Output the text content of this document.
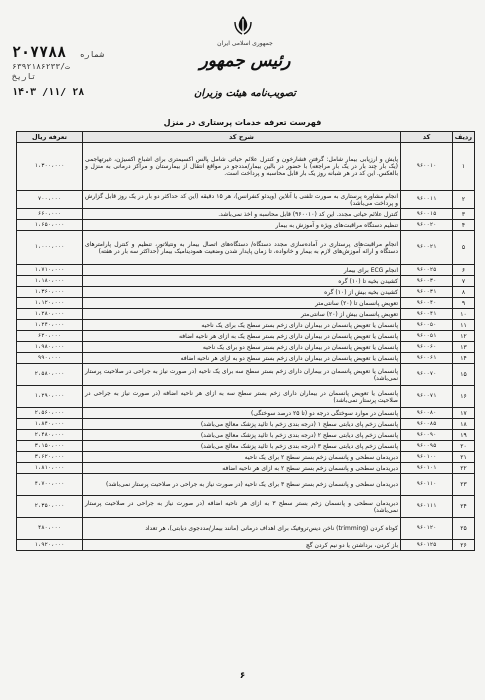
۲۰۷۷۸۸ شماره
۶۳۹۲۱ت/۸۶۲۳۳
تاریخ
۱۴۰۳ /۱۱/ ۲۸
جمهوری اسلامی ایران
رئیس جمهور
تصویب‌نامه هیئت وزیران
فهرست تعرفه خدمات پرستاری در منزل
ردیف	کد	شرح کد	تعرفه ریال
۱	۹۶۰۰۱۰	پایش و ارزیابی بیمار شامل: گرفتن فشارخون و کنترل علائم حیاتی شامل پالس اکسیمتری برای اشباع اکسیژن، غیرتهاجمی (یک بار چند بار در یک بار مراجعه) با حضور در بالین بیمار/مددجو در مواقع انتقال از بیمارستان و مراکز درمانی به منزل و بالعکس. این کد در هر شبانه روز یک بار قابل محاسبه و پرداخت است.	۱،۳۰۰،۰۰۰
۲	۹۶۰۰۱۱	انجام مشاوره پرستاری به صورت تلفنی یا آنلاین (ویدئو کنفرانس)، هر ۱۵ دقیقه (این کد حداکثر دو بار در یک روز قابل گزارش و پرداخت می‌باشد)	۷۰۰،۰۰۰
۳	۹۶۰۰۱۵	کنترل علائم حیاتی مجدد. این کد (۹۶۰۰۱۰) قابل محاسبه و اخذ نمی‌باشد.	۶۶۰،۰۰۰
۴	۹۶۰۰۲۰	تنظیم دستگاه مراقبت‌های ویژه و آموزش به بیمار	۱،۶۵۰،۰۰۰
۵	۹۶۰۰۲۱	انجام مراقبت‌های پرستاری در آماده‌سازی مجدد دستگاه/ دستگاه‌های اتصال بیمار به ونتیلاتور، تنظیم و کنترل پارامترهای دستگاه و ارائه آموزش‌های لازم به بیمار و خانواده، تا زمان پایدار شدن وضعیت همودینامیک بیمار (حداکثر سه بار در هفته)	۱،۰۰۰،۰۰۰
۶	۹۶۰۰۲۵	انجام ECG برای بیمار	۱،۷۱۰،۰۰۰
۷	۹۶۰۰۳۰	کشیدن بخیه تا (۱۰) گره	۱،۱۸۰،۰۰۰
۸	۹۶۰۰۳۱	کشیدن بخیه بیش از (۱۰) گره	۱،۳۶۰،۰۰۰
۹	۹۶۰۰۴۰	تعویض پانسمان تا (۲۰) سانتی‌متر	۱،۱۲۰،۰۰۰
۱۰	۹۶۰۰۴۱	تعویض پانسمان بیش از (۲۰) سانتی‌متر	۱،۲۸۰،۰۰۰
۱۱	۹۶۰۰۵۰	پانسمان یا تعویض پانسمان در بیماران دارای زخم بستر سطح یک برای یک ناحیه	۱،۲۴۰،۰۰۰
۱۲	۹۶۰۰۵۱	پانسمان یا تعویض پانسمان در بیماران دارای زخم بستر سطح یک به ازای هر ناحیه اضافه	۶۲۰،۰۰۰
۱۳	۹۶۰۰۶۰	پانسمان یا تعویض پانسمان در بیماران دارای زخم بستر سطح دو برای یک ناحیه	۱،۹۸۰،۰۰۰
۱۴	۹۶۰۰۶۱	پانسمان یا تعویض پانسمان در بیماران دارای زخم بستر سطح دو به ازای هر ناحیه اضافه	۹۹۰،۰۰۰
۱۵	۹۶۰۰۷۰	پانسمان یا تعویض پانسمان در بیماران دارای زخم بستر سطح سه برای یک ناحیه (در صورت نیاز به جراحی در صلاحیت پرستار نمی‌باشد)	۲،۵۸۰،۰۰۰
۱۶	۹۶۰۰۷۱	پانسمان یا تعویض پانسمان در بیماران دارای زخم بستر سطح سه به ازای هر ناحیه اضافه (در صورت نیاز به جراحی در صلاحیت پرستار نمی‌باشد)	۱،۲۹۰،۰۰۰
۱۷	۹۶۰۰۸۰	پانسمان در موارد سوختگی درجه دو (تا ۲۵ درصد سوختگی)	۲،۵۶۰،۰۰۰
۱۸	۹۶۰۰۸۵	پانسمان زخم پای دیابتی سطح ۱ (درجه بندی زخم با تائید پزشک معالج می‌باشد)	۱،۸۴۰،۰۰۰
۱۹	۹۶۰۰۹۰	پانسمان زخم پای دیابتی سطح ۲ (درجه بندی زخم با تائید پزشک معالج می‌باشد)	۲،۴۸۰،۰۰۰
۲۰	۹۶۰۰۹۵	پانسمان زخم پای دیابتی سطح ۳ (درجه بندی زخم با تائید پزشک معالج می‌باشد)	۳،۱۵۰،۰۰۰
۲۱	۹۶۰۱۰۰	دبریدمان سطحی و پانسمان زخم بستر سطح ۲ برای یک ناحیه	۳،۶۲۰،۰۰۰
۲۲	۹۶۰۱۰۱	دبریدمان سطحی و پانسمان زخم بستر سطح ۲ به ازای هر ناحیه اضافه	۱،۸۱۰،۰۰۰
۲۳	۹۶۰۱۱۰	دبریدمان سطحی و پانسمان زخم بستر سطح ۳ برای یک ناحیه (در صورت نیاز به جراحی در صلاحیت پرستار نمی‌باشد)	۴،۷۰۰،۰۰۰
۲۴	۹۶۰۱۱۱	دبریدمان سطحی و پانسمان زخم بستر سطح ۳ به ازای هر ناحیه اضافه (در صورت نیاز به جراحی در صلاحیت پرستار نمی‌باشد)	۲،۳۵۰،۰۰۰
۲۵	۹۶۰۱۲۰	کوتاه کردن (trimming) ناخن دیس‌تروفیک برای اهداف درمانی (مانند بیمار/مددجوی دیابتی)، هر تعداد	۴۸۰،۰۰۰
۲۶	۹۶۰۱۲۵	باز کردن، برداشتن یا دو نیم کردن گچ	۱،۹۲۰،۰۰۰
۶
